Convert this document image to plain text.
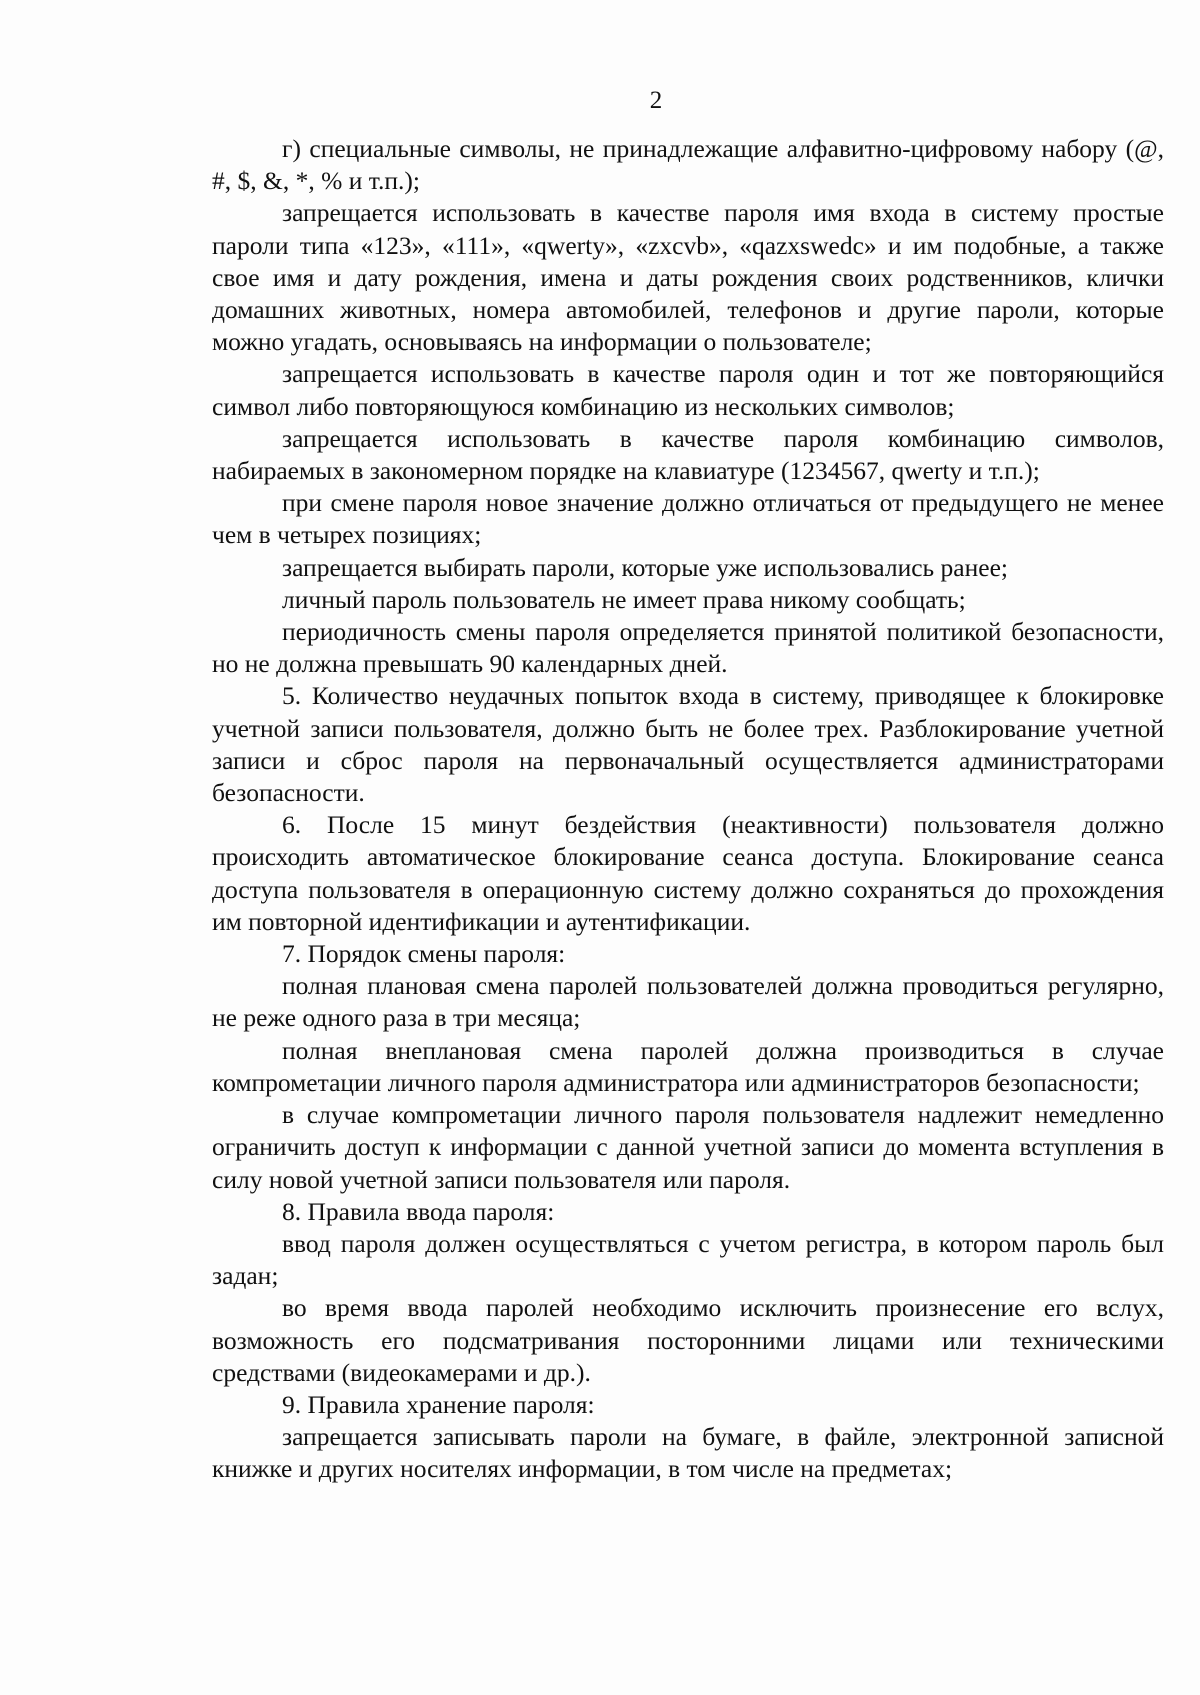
2

г) специальные символы, не принадлежащие алфавитно-цифровому набору (@, #, $, &, *, % и т.п.);

запрещается использовать в качестве пароля имя входа в систему простые пароли типа «123», «111», «qwerty», «zxcvb», «qazxswedc» и им подобные, а также свое имя и дату рождения, имена и даты рождения своих родственников, клички домашних животных, номера автомобилей, телефонов и другие пароли, которые можно угадать, основываясь на информации о пользователе;

запрещается использовать в качестве пароля один и тот же повторяющийся символ либо повторяющуюся комбинацию из нескольких символов;

запрещается использовать в качестве пароля комбинацию символов, набираемых в закономерном порядке на клавиатуре (1234567, qwerty и т.п.);

при смене пароля новое значение должно отличаться от предыдущего не менее чем в четырех позициях;

запрещается выбирать пароли, которые уже использовались ранее;

личный пароль пользователь не имеет права никому сообщать;

периодичность смены пароля определяется принятой политикой безопасности, но не должна превышать 90 календарных дней.

5. Количество неудачных попыток входа в систему, приводящее к блокировке учетной записи пользователя, должно быть не более трех. Разблокирование учетной записи и сброс пароля на первоначальный осуществляется администраторами безопасности.

6. После 15 минут бездействия (неактивности) пользователя должно происходить автоматическое блокирование сеанса доступа. Блокирование сеанса доступа пользователя в операционную систему должно сохраняться до прохождения им повторной идентификации и аутентификации.

7. Порядок смены пароля:

полная плановая смена паролей пользователей должна проводиться регулярно, не реже одного раза в три месяца;

полная внеплановая смена паролей должна производиться в случае компрометации личного пароля администратора или администраторов безопасности;

в случае компрометации личного пароля пользователя надлежит немедленно ограничить доступ к информации с данной учетной записи до момента вступления в силу новой учетной записи пользователя или пароля.

8. Правила ввода пароля:

ввод пароля должен осуществляться с учетом регистра, в котором пароль был задан;

во время ввода паролей необходимо исключить произнесение его вслух, возможность его подсматривания посторонними лицами или техническими средствами (видеокамерами и др.).

9. Правила хранение пароля:

запрещается записывать пароли на бумаге, в файле, электронной записной книжке и других носителях информации, в том числе на предметах;
